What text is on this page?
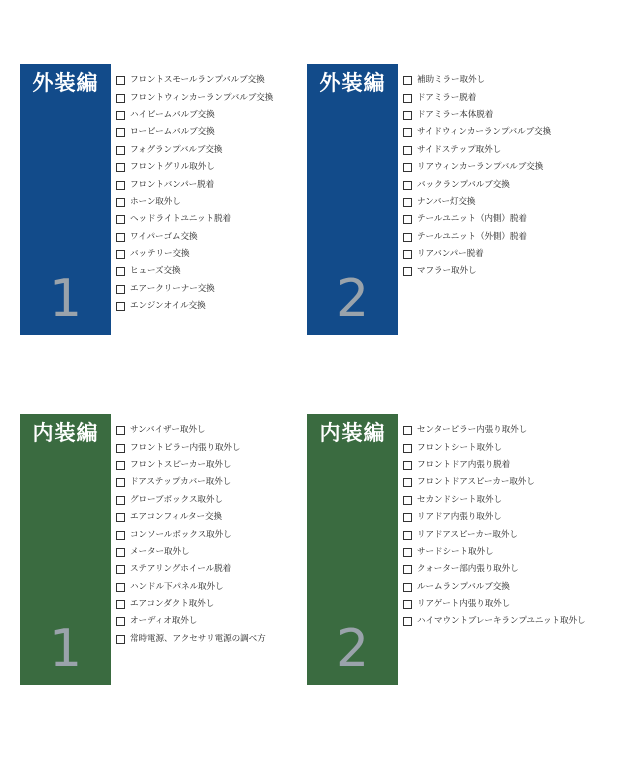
外装編
1
フロントスモールランプバルブ交換
フロントウィンカーランプバルブ交換
ハイビームバルブ交換
ロービームバルブ交換
フォグランプバルブ交換
フロントグリル取外し
フロントバンパー脱着
ホーン取外し
ヘッドライトユニット脱着
ワイパーゴム交換
バッテリー交換
ヒューズ交換
エアークリーナー交換
エンジンオイル交換
外装編
2
補助ミラー取外し
ドアミラー脱着
ドアミラー本体脱着
サイドウィンカーランプバルブ交換
サイドステップ取外し
リアウィンカーランプバルブ交換
バックランプバルブ交換
ナンバー灯交換
テールユニット（内側）脱着
テールユニット（外側）脱着
リアバンパー脱着
マフラー取外し
内装編
1
サンバイザー取外し
フロントピラー内張り取外し
フロントスピーカー取外し
ドアステップカバー取外し
グローブボックス取外し
エアコンフィルター交換
コンソールボックス取外し
メーター取外し
ステアリングホイール脱着
ハンドル下パネル取外し
エアコンダクト取外し
オーディオ取外し
常時電源、アクセサリ電源の調べ方
内装編
2
センターピラー内張り取外し
フロントシート取外し
フロントドア内張り脱着
フロントドアスピーカー取外し
セカンドシート取外し
リアドア内張り取外し
リアドアスピーカー取外し
サードシート取外し
クォーター部内張り取外し
ルームランプバルブ交換
リアゲート内張り取外し
ハイマウントブレーキランプユニット取外し
